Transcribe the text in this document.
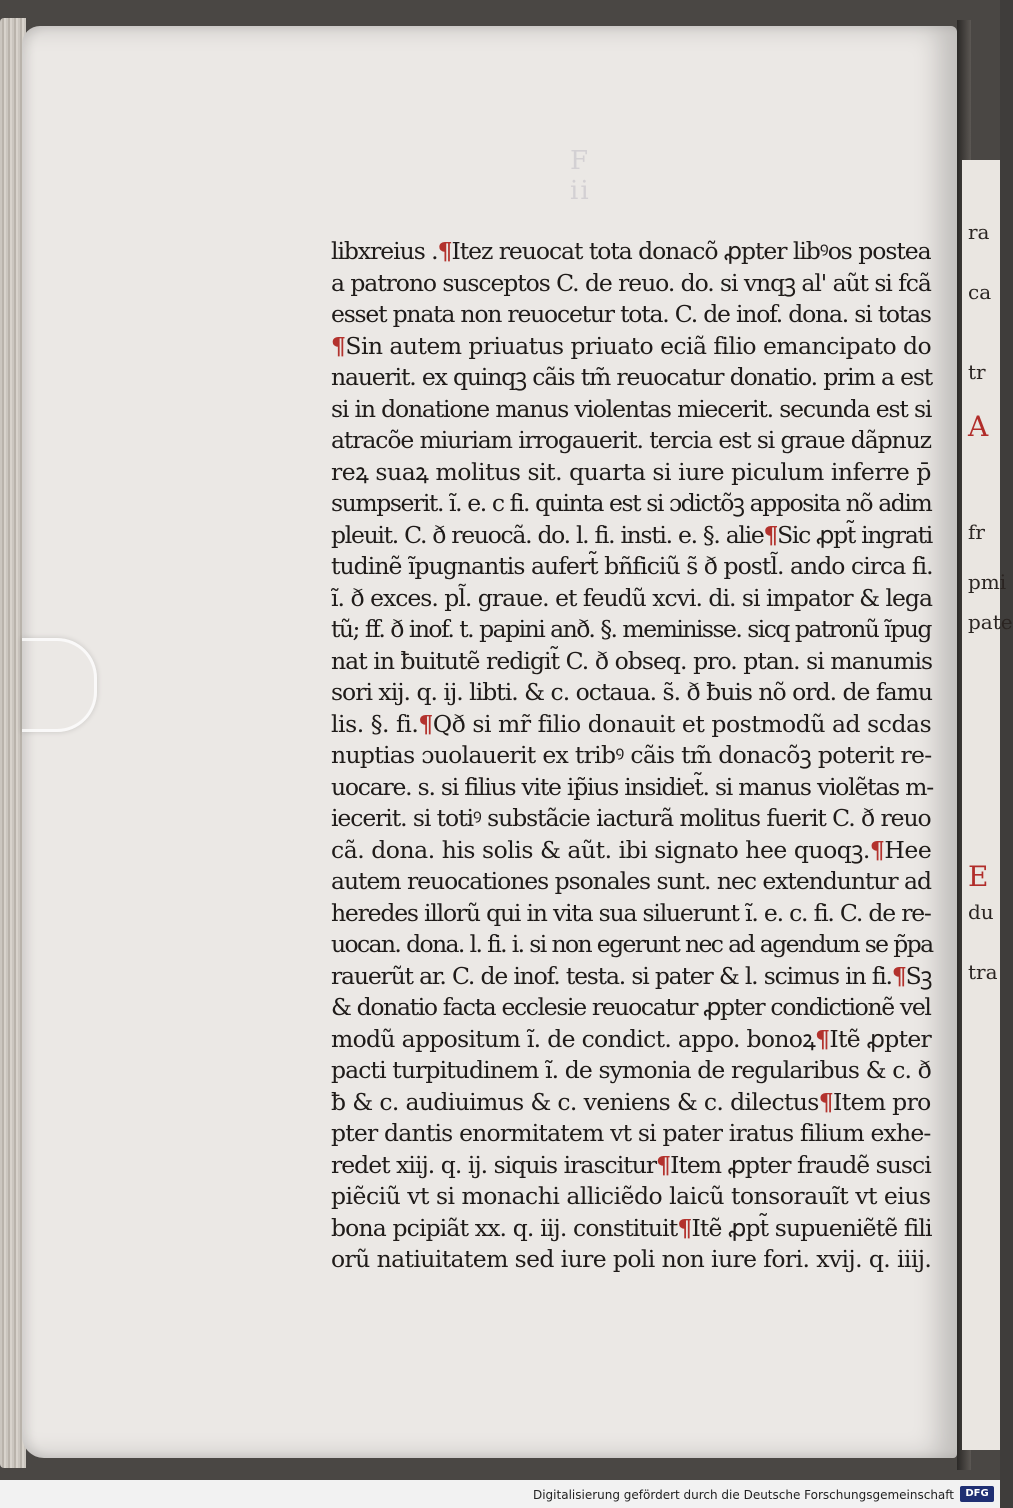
F ii
libxreius .¶Itez reuocat tota donacõ ꝓpter libꝰos postea
a patrono susceptos C. de reuo. do. si vnqꝫ al' aũt si fcã
esset pnata non reuocetur tota. C. de inof. dona. si totas
¶Sin autem priuatus priuato eciã filio emancipato do
nauerit. ex quinqꝫ cãis tm̃ reuocatur donatio. prim a est
si in donatione manus violentas miecerit. secunda est si
atracõe miuriam irrogauerit. tercia est si graue dãpnuz
reꝝ suaꝝ molitus sit. quarta si iure piculum inferre p̄
sumpserit. ĩ. e. c fi. quinta est si ɔdictõꝫ apposita nõ adim
pleuit. C. ð reuocã. do. l. fi. insti. e. §. alie¶Sic ꝓpt̃ ingrati
tudinẽ ĩpugnantis aufert̃ bñficiũ s̃ ð postl̃. ando circa fi.
ĩ. ð exces. pl̃. graue. et feudũ xcvi. di. si impator & lega
tũ; ff. ð inof. t. papini anð. §. meminisse. sicq patronũ ĩpug
nat in ƀuitutẽ redigit̃ C. ð obseq. pro. ptan. si manumis
sori xij. q. ij. libti. & c. octaua. s̃. ð ƀuis nõ ord. de famu
lis. §. fi.¶Qð si mr̃ filio donauit et postmodũ ad scdas
nuptias ɔuolauerit ex tribꝰ cãis tm̃ donacõꝫ poterit re-
uocare. s. si filius vite ip̃ius insidiet̃. si manus violẽtas m-
iecerit. si totiꝰ substãcie iacturã molitus fuerit C. ð reuo
cã. dona. his solis & aũt. ibi signato hee quoqꝫ.¶Hee
autem reuocationes psonales sunt. nec extenduntur ad
heredes illorũ qui in vita sua siluerunt ĩ. e. c. fi. C. de re-
uocan. dona. l. fi. i. si non egerunt nec ad agendum se p̃pa
rauerũt ar. C. de inof. testa. si pater & l. scimus in fi.¶Sꝫ
& donatio facta ecclesie reuocatur ꝓpter condictionẽ vel
modũ appositum ĩ. de condict. appo. bonoꝝ¶Itẽ ꝓpter
pacti turpitudinem ĩ. de symonia de regularibus & c. ð
ƀ & c. audiuimus & c. veniens & c. dilectus¶Item pro
pter dantis enormitatem vt si pater iratus filium exhe-
redet xiij. q. ij. siquis irascitur¶Item ꝓpter fraudẽ susci
piẽciũ vt si monachi alliciẽdo laicũ tonsorauĩt vt eius
bona pcipiãt xx. q. iij. constituit¶Itẽ ꝓpt̃ supueniẽtẽ fili
orũ natiuitatem sed iure poli non iure fori. xvij. q. iiij.
ra
ca
tr
A
fr
pmi
pate
E
du
tra
Digitalisierung gefördert durch die Deutsche Forschungsgemeinschaft	DFG
